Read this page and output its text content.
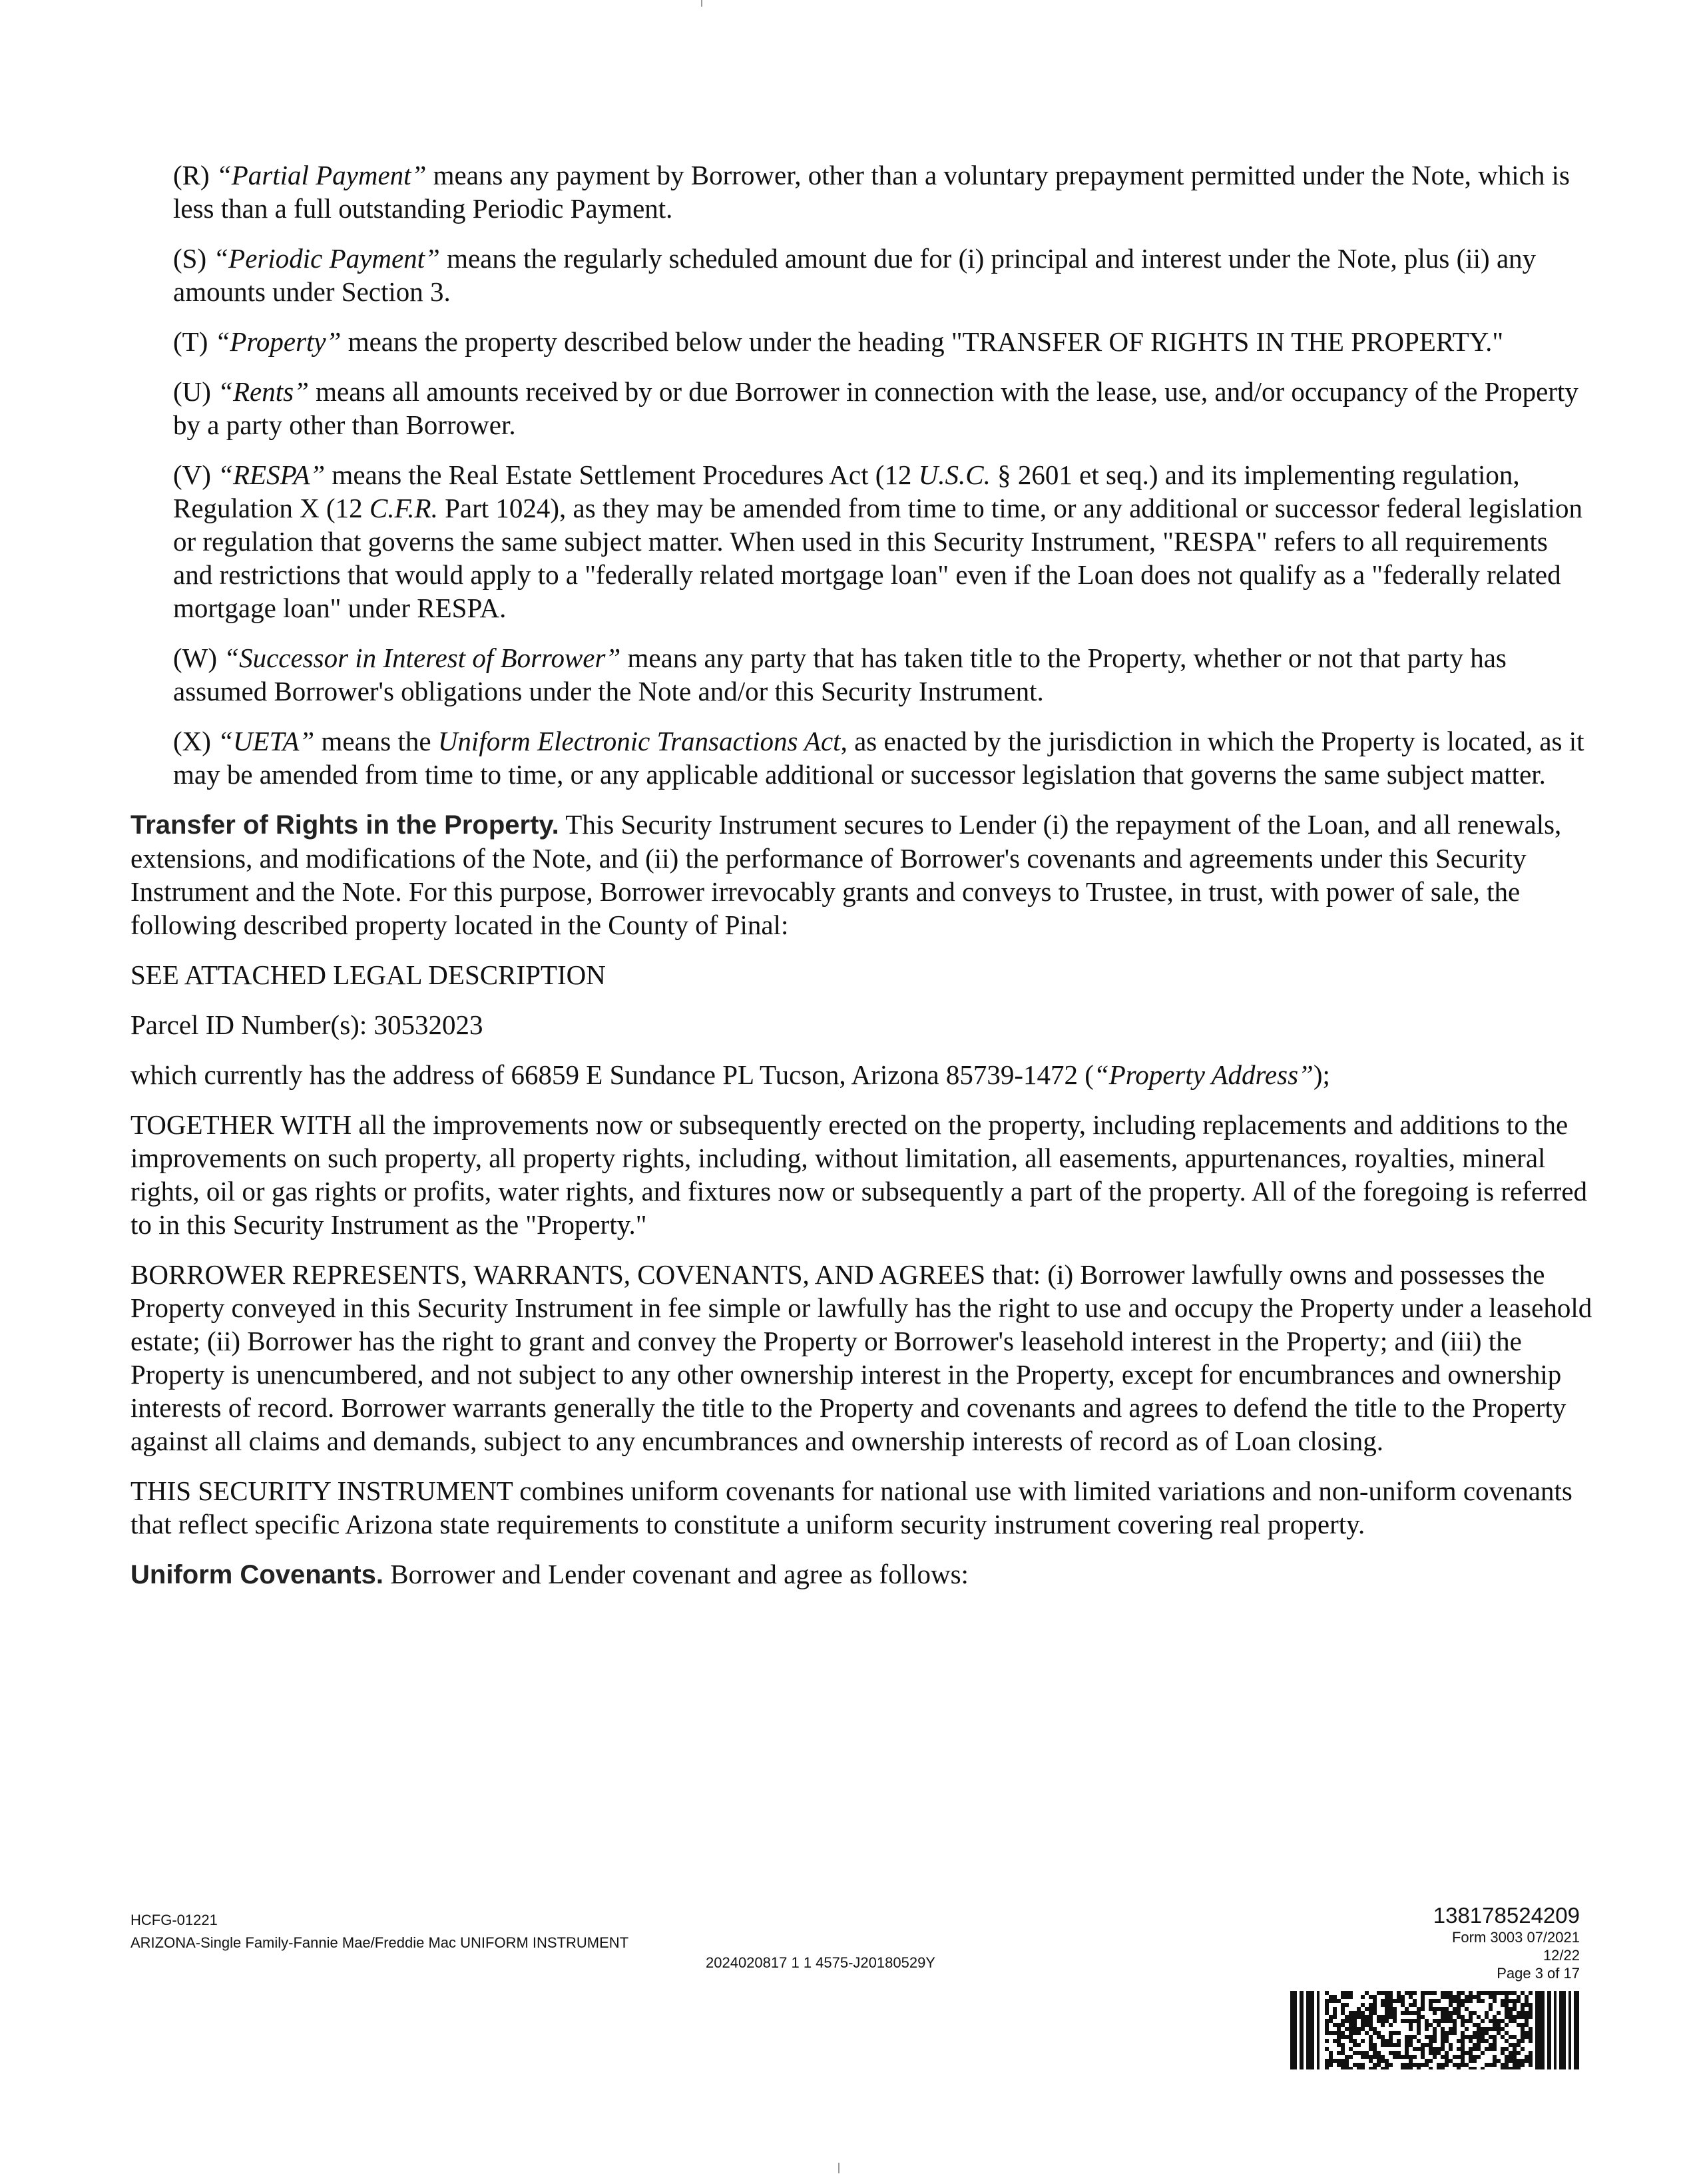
(R) “Partial Payment” means any payment by Borrower, other than a voluntary prepayment permitted under the Note, which is less than a full outstanding Periodic Payment.

(S) “Periodic Payment” means the regularly scheduled amount due for (i) principal and interest under the Note, plus (ii) any amounts under Section 3.

(T) “Property” means the property described below under the heading "TRANSFER OF RIGHTS IN THE PROPERTY."

(U) “Rents” means all amounts received by or due Borrower in connection with the lease, use, and/or occupancy of the Property by a party other than Borrower.

(V) “RESPA” means the Real Estate Settlement Procedures Act (12 U.S.C. § 2601 et seq.) and its implementing regulation, Regulation X (12 C.F.R. Part 1024), as they may be amended from time to time, or any additional or successor federal legislation or regulation that governs the same subject matter. When used in this Security Instrument, "RESPA" refers to all requirements and restrictions that would apply to a "federally related mortgage loan" even if the Loan does not qualify as a "federally related mortgage loan" under RESPA.

(W) “Successor in Interest of Borrower” means any party that has taken title to the Property, whether or not that party has assumed Borrower's obligations under the Note and/or this Security Instrument.

(X) “UETA” means the Uniform Electronic Transactions Act, as enacted by the jurisdiction in which the Property is located, as it may be amended from time to time, or any applicable additional or successor legislation that governs the same subject matter.

Transfer of Rights in the Property. This Security Instrument secures to Lender (i) the repayment of the Loan, and all renewals, extensions, and modifications of the Note, and (ii) the performance of Borrower's covenants and agreements under this Security Instrument and the Note. For this purpose, Borrower irrevocably grants and conveys to Trustee, in trust, with power of sale, the following described property located in the County of Pinal:

SEE ATTACHED LEGAL DESCRIPTION

Parcel ID Number(s): 30532023

which currently has the address of 66859 E Sundance PL Tucson, Arizona 85739-1472 (“Property Address”);

TOGETHER WITH all the improvements now or subsequently erected on the property, including replacements and additions to the improvements on such property, all property rights, including, without limitation, all easements, appurtenances, royalties, mineral rights, oil or gas rights or profits, water rights, and fixtures now or subsequently a part of the property. All of the foregoing is referred to in this Security Instrument as the "Property."

BORROWER REPRESENTS, WARRANTS, COVENANTS, AND AGREES that: (i) Borrower lawfully owns and possesses the Property conveyed in this Security Instrument in fee simple or lawfully has the right to use and occupy the Property under a leasehold estate; (ii) Borrower has the right to grant and convey the Property or Borrower's leasehold interest in the Property; and (iii) the Property is unencumbered, and not subject to any other ownership interest in the Property, except for encumbrances and ownership interests of record. Borrower warrants generally the title to the Property and covenants and agrees to defend the title to the Property against all claims and demands, subject to any encumbrances and ownership interests of record as of Loan closing.

THIS SECURITY INSTRUMENT combines uniform covenants for national use with limited variations and non-uniform covenants that reflect specific Arizona state requirements to constitute a uniform security instrument covering real property.

Uniform Covenants. Borrower and Lender covenant and agree as follows:

HCFG-01221
ARIZONA-Single Family-Fannie Mae/Freddie Mac UNIFORM INSTRUMENT
2024020817 1 1 4575-J20180529Y
138178524209
Form 3003 07/2021
12/22
Page 3 of 17
